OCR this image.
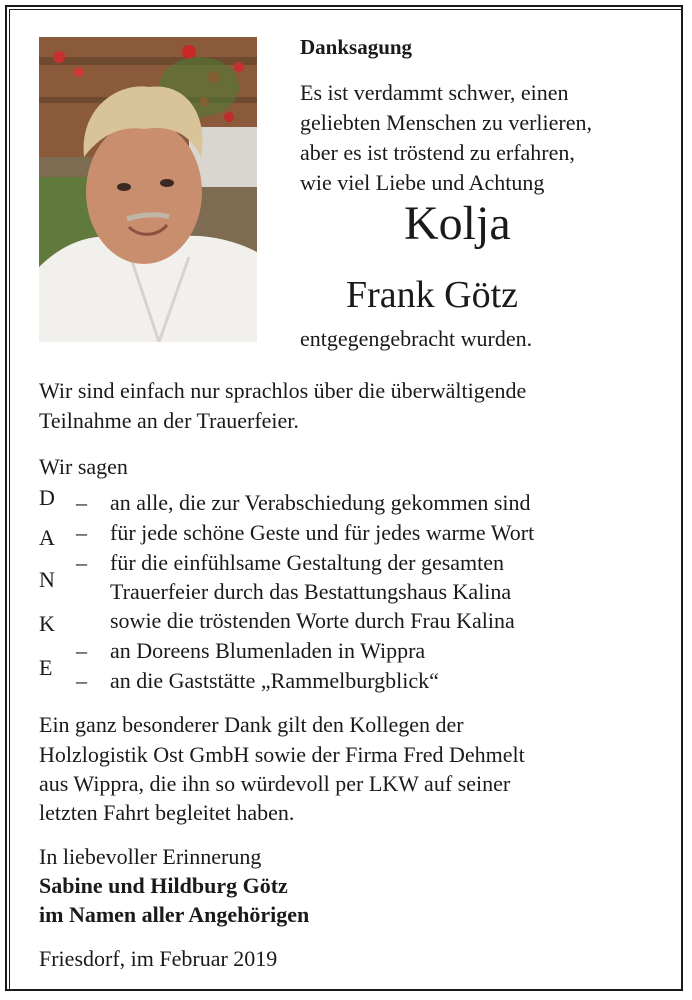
Danksagung
Es ist verdammt schwer, einen
geliebten Menschen zu verlieren,
aber es ist tröstend zu erfahren,
wie viel Liebe und Achtung
Kolja
Frank Götz
entgegengebracht wurden.
Wir sind einfach nur sprachlos über die überwältigende
Teilnahme an der Trauerfeier.
Wir sagen
D
A
N
K
E
–
–
–
–
–
an alle, die zur Verabschiedung gekommen sind
für jede schöne Geste und für jedes warme Wort
für die einfühlsame Gestaltung der gesamten
Trauerfeier durch das Bestattungshaus Kalina
sowie die tröstenden Worte durch Frau Kalina
an Doreens Blumenladen in Wippra
an die Gaststätte „Rammelburgblick“
Ein ganz besonderer Dank gilt den Kollegen der
Holzlogistik Ost GmbH sowie der Firma Fred Dehmelt
aus Wippra, die ihn so würdevoll per LKW auf seiner
letzten Fahrt begleitet haben.
In liebevoller Erinnerung
Sabine und Hildburg Götz
im Namen aller Angehörigen
Friesdorf, im Februar 2019
